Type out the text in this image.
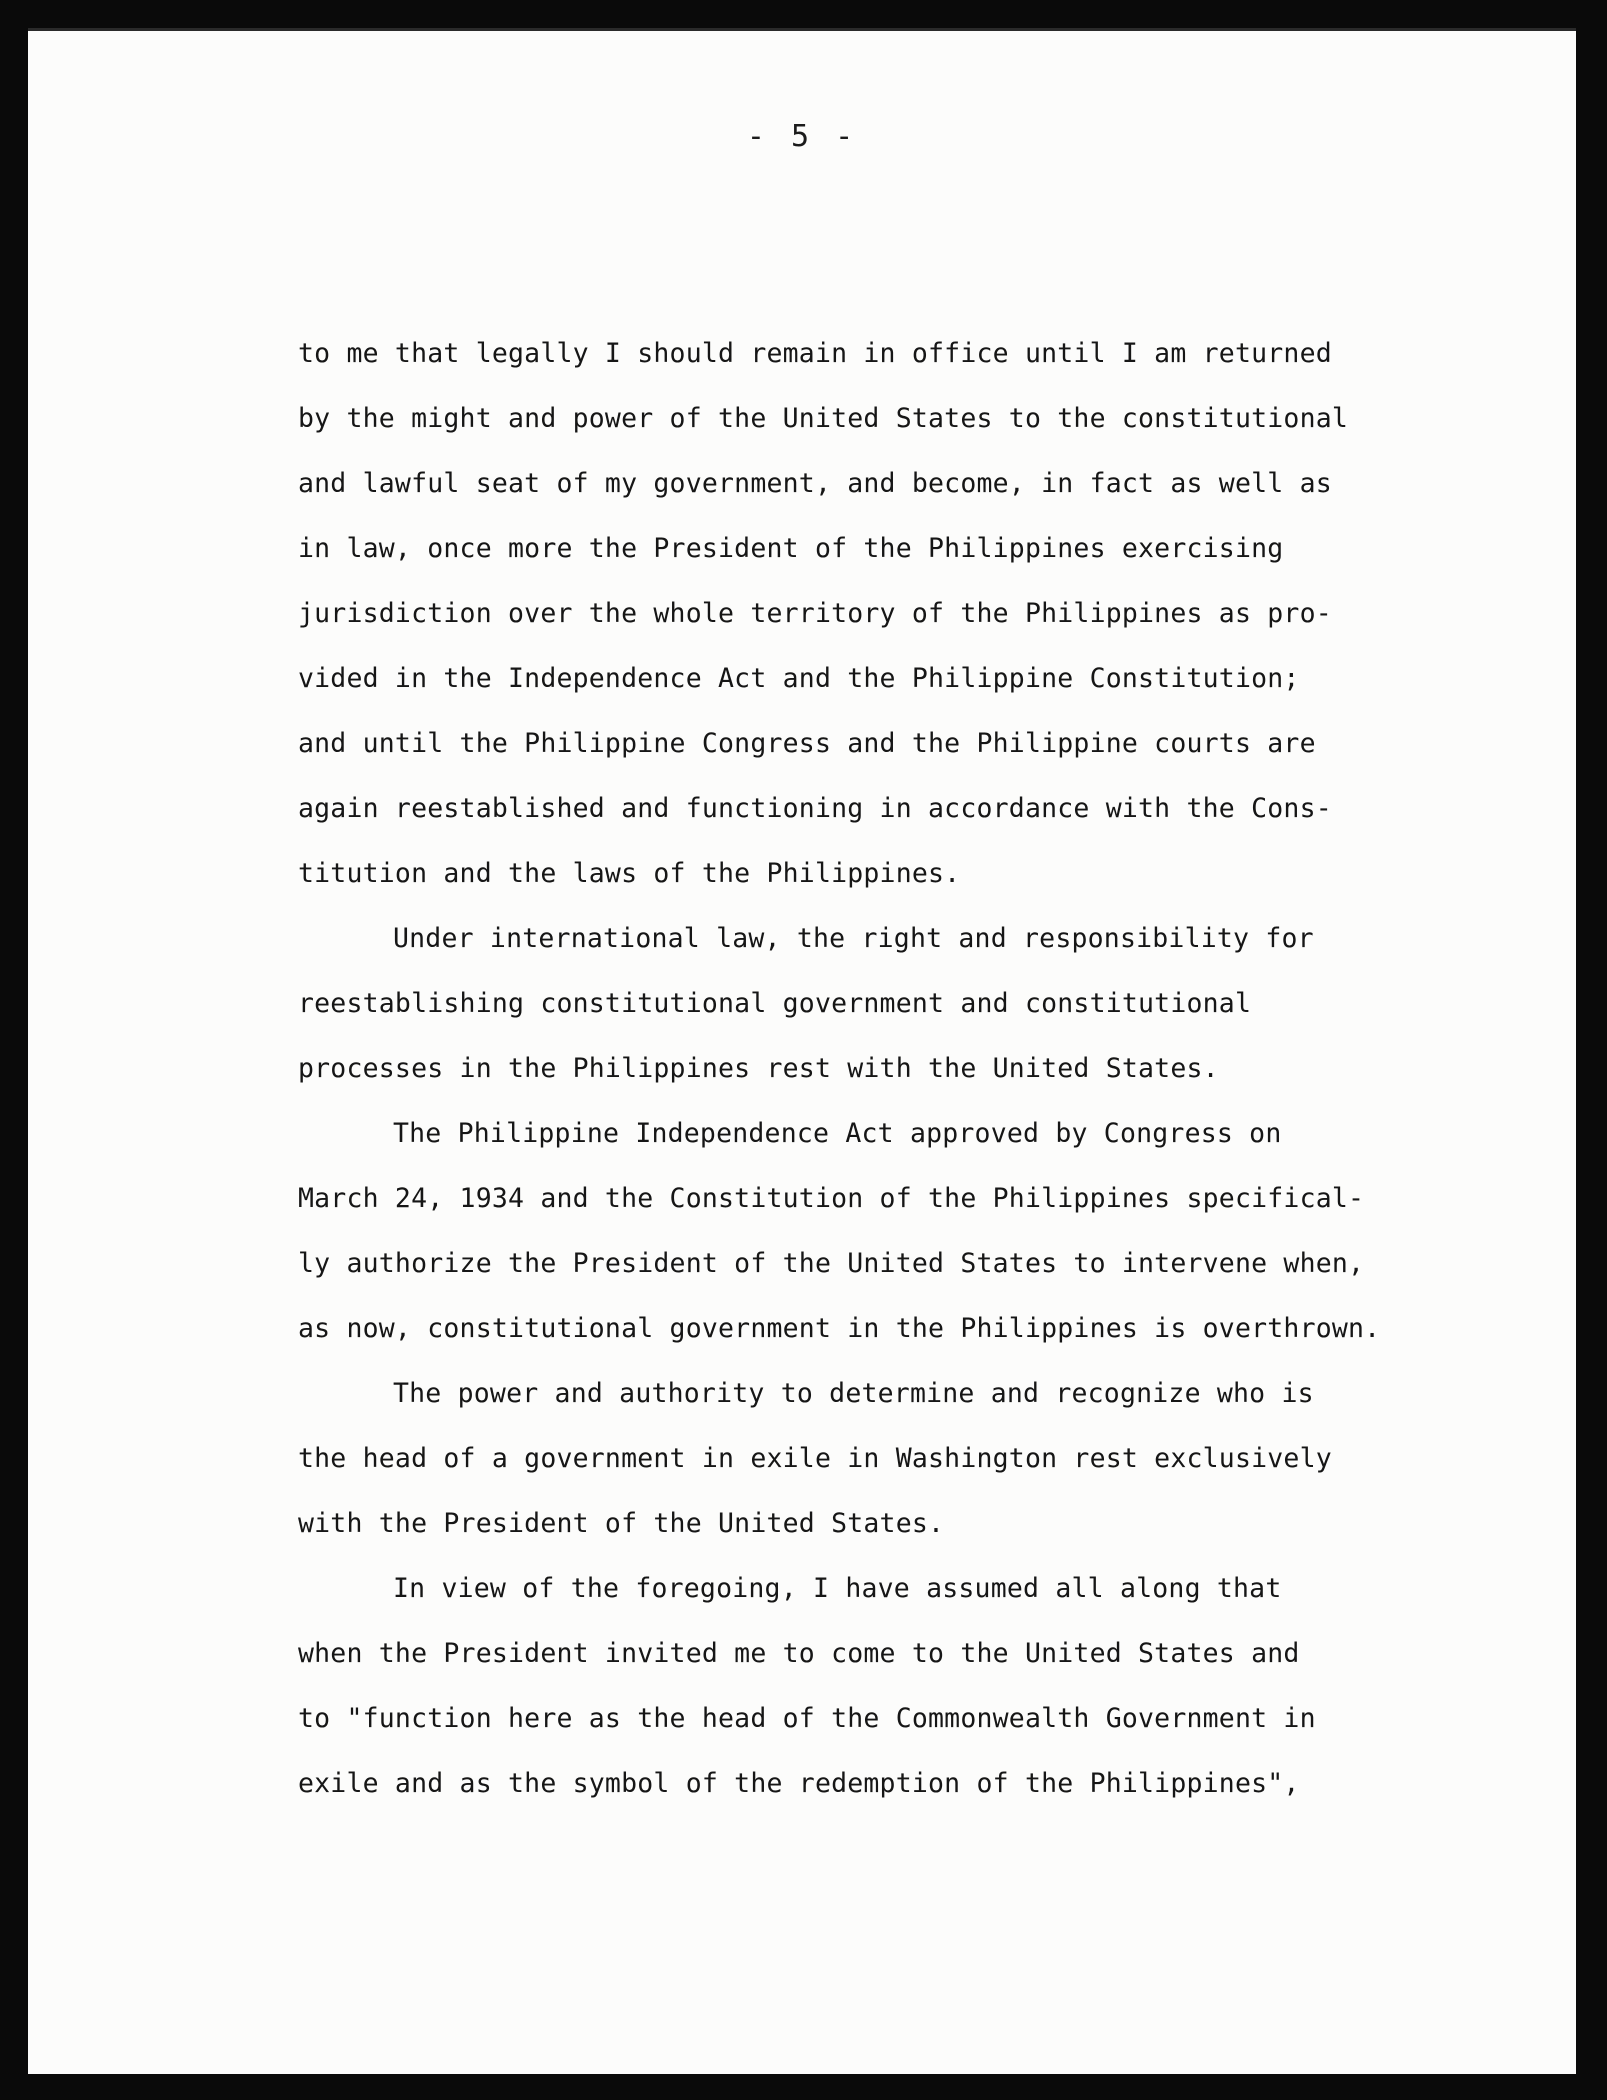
- 5 -
to me that legally I should remain in office until I am returned
by the might and power of the United States to the constitutional
and lawful seat of my government, and become, in fact as well as
in law, once more the President of the Philippines exercising
jurisdiction over the whole territory of the Philippines as pro-
vided in the Independence Act and the Philippine Constitution;
and until the Philippine Congress and the Philippine courts are
again reestablished and functioning in accordance with the Cons-
titution and the laws of the Philippines.
Under international law, the right and responsibility for
reestablishing constitutional government and constitutional
processes in the Philippines rest with the United States.
The Philippine Independence Act approved by Congress on
March 24, 1934 and the Constitution of the Philippines specifical-
ly authorize the President of the United States to intervene when,
as now, constitutional government in the Philippines is overthrown.
The power and authority to determine and recognize who is
the head of a government in exile in Washington rest exclusively
with the President of the United States.
In view of the foregoing, I have assumed all along that
when the President invited me to come to the United States and
to "function here as the head of the Commonwealth Government in
exile and as the symbol of the redemption of the Philippines",
